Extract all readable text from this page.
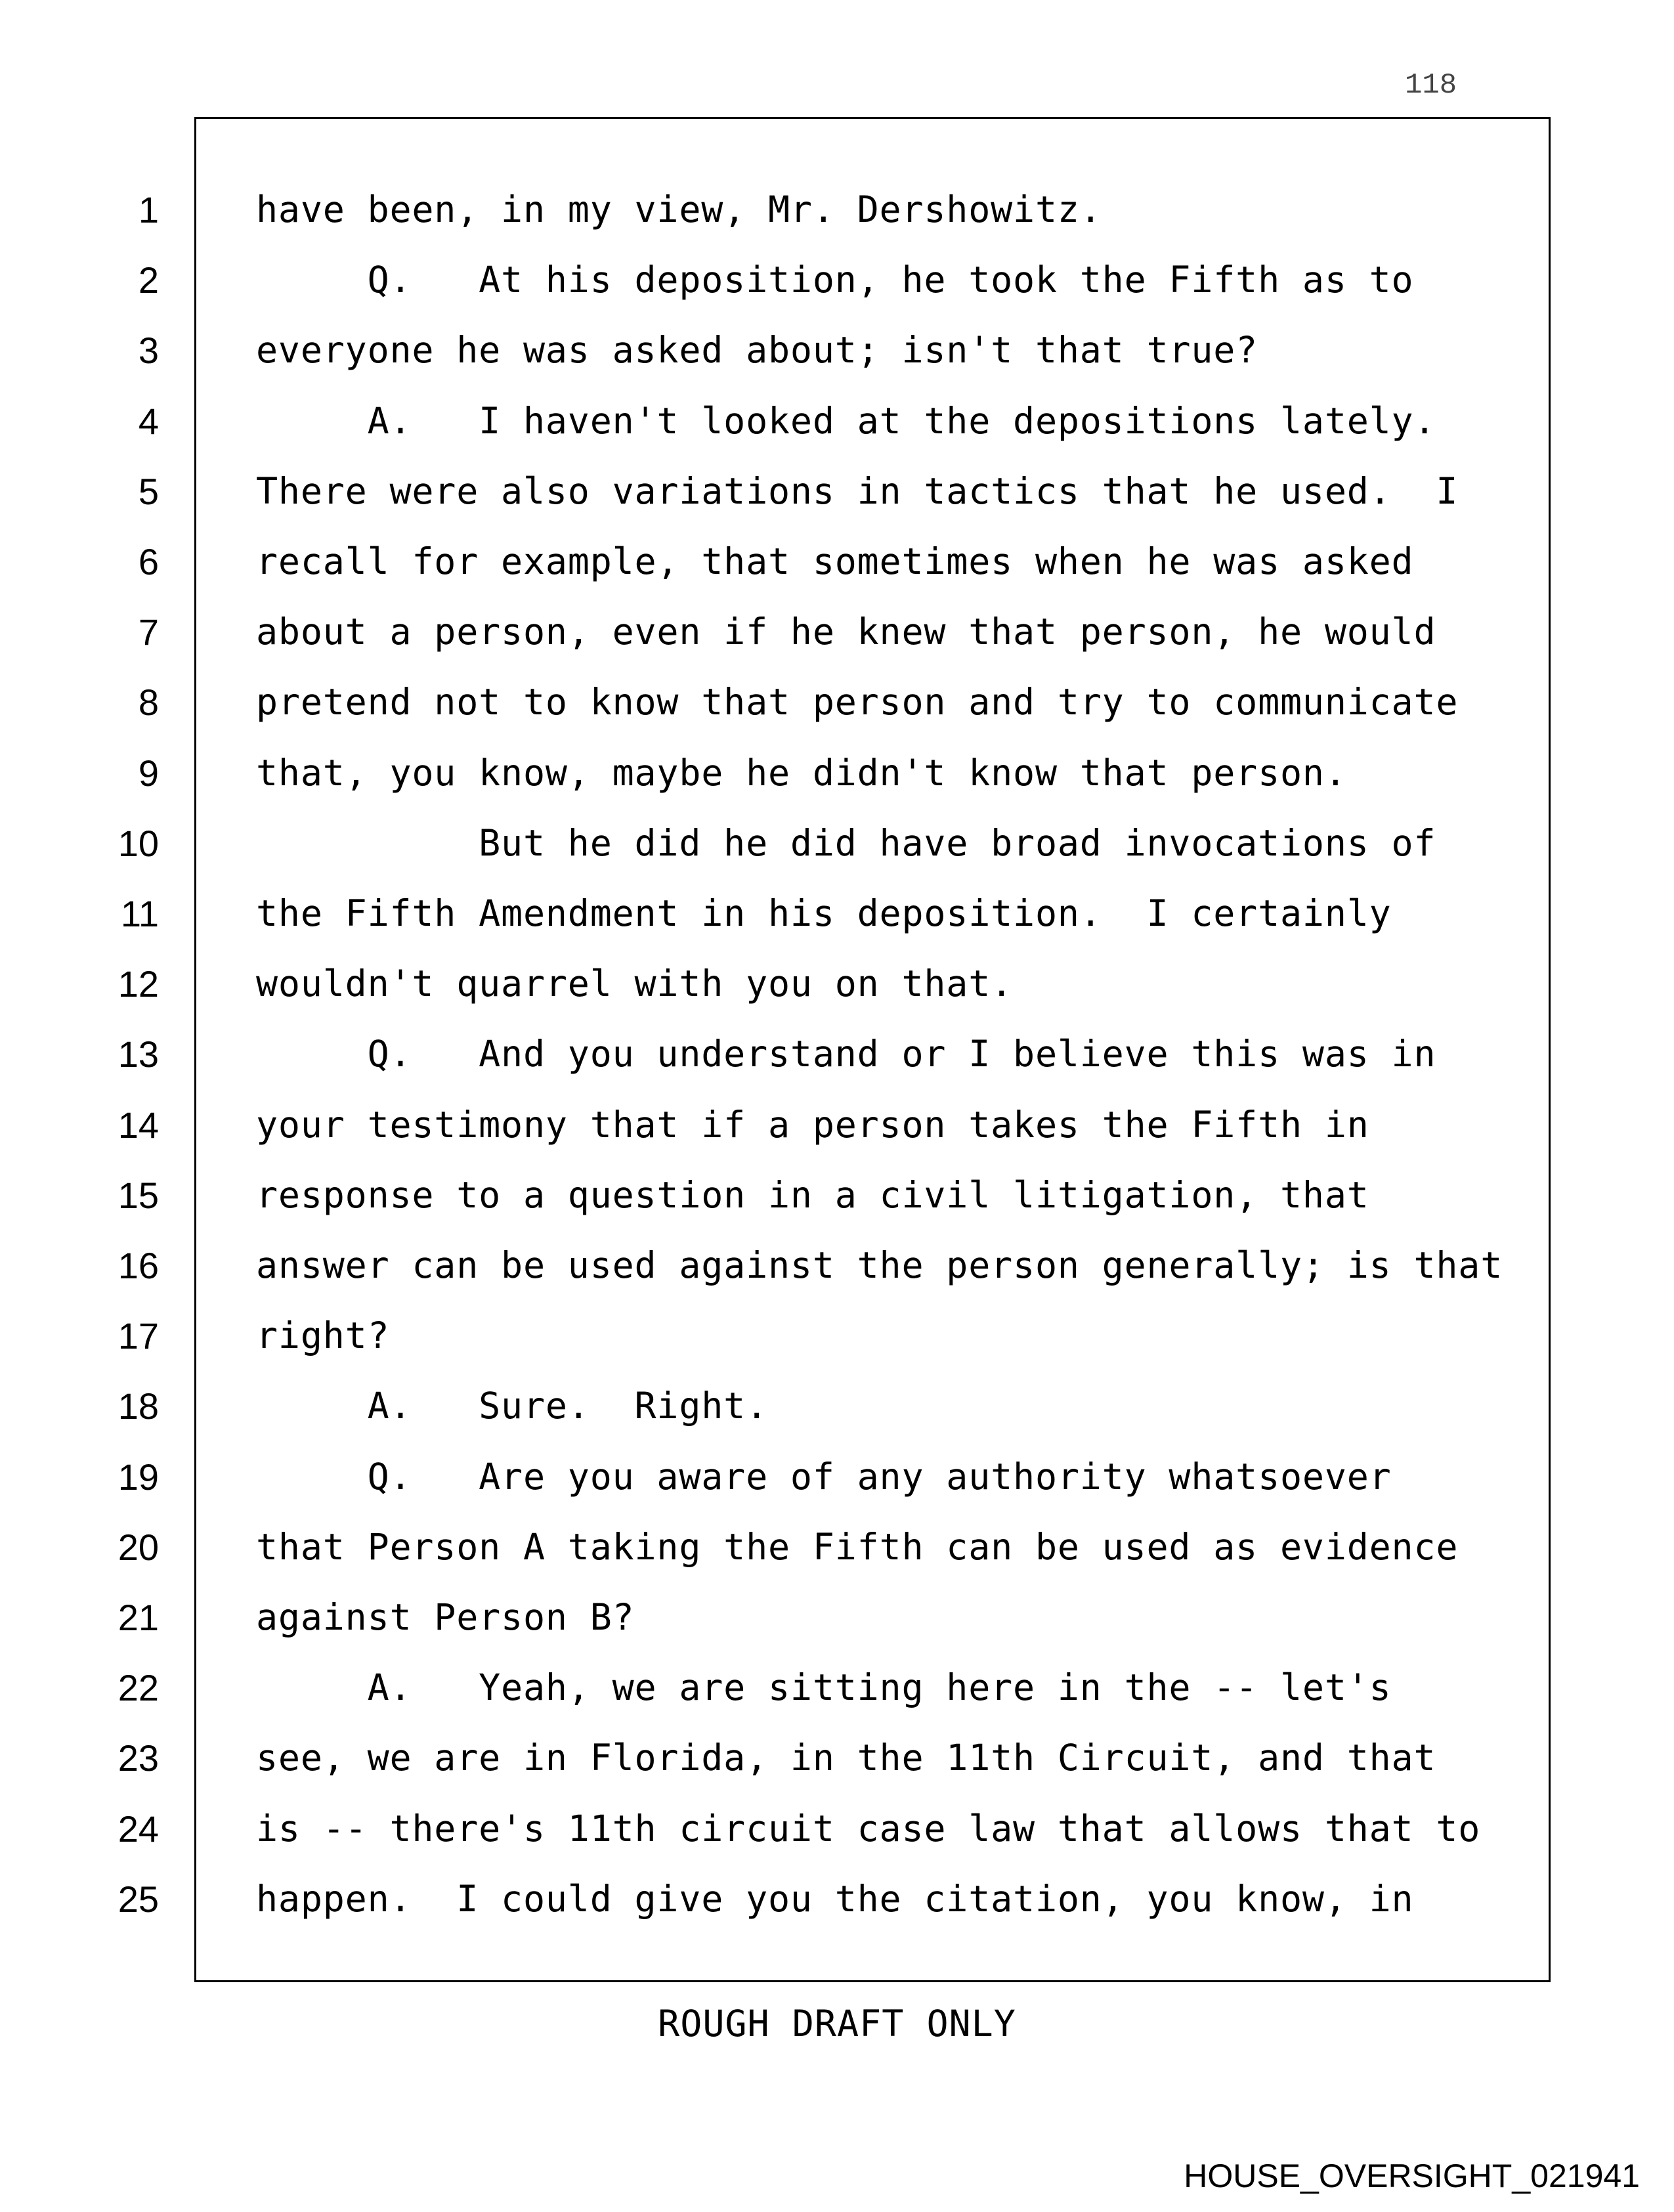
118
1	have been, in my view, Mr. Dershowitz.
2	Q.   At his deposition, he took the Fifth as to
3	everyone he was asked about; isn't that true?
4	A.   I haven't looked at the depositions lately.
5	There were also variations in tactics that he used.  I
6	recall for example, that sometimes when he was asked
7	about a person, even if he knew that person, he would
8	pretend not to know that person and try to communicate
9	that, you know, maybe he didn't know that person.
10	But he did he did have broad invocations of
11	the Fifth Amendment in his deposition.  I certainly
12	wouldn't quarrel with you on that.
13	Q.   And you understand or I believe this was in
14	your testimony that if a person takes the Fifth in
15	response to a question in a civil litigation, that
16	answer can be used against the person generally; is that
17	right?
18	A.   Sure.  Right.
19	Q.   Are you aware of any authority whatsoever
20	that Person A taking the Fifth can be used as evidence
21	against Person B?
22	A.   Yeah, we are sitting here in the -- let's
23	see, we are in Florida, in the 11th Circuit, and that
24	is -- there's 11th circuit case law that allows that to
25	happen.  I could give you the citation, you know, in
ROUGH DRAFT ONLY
HOUSE_OVERSIGHT_021941
